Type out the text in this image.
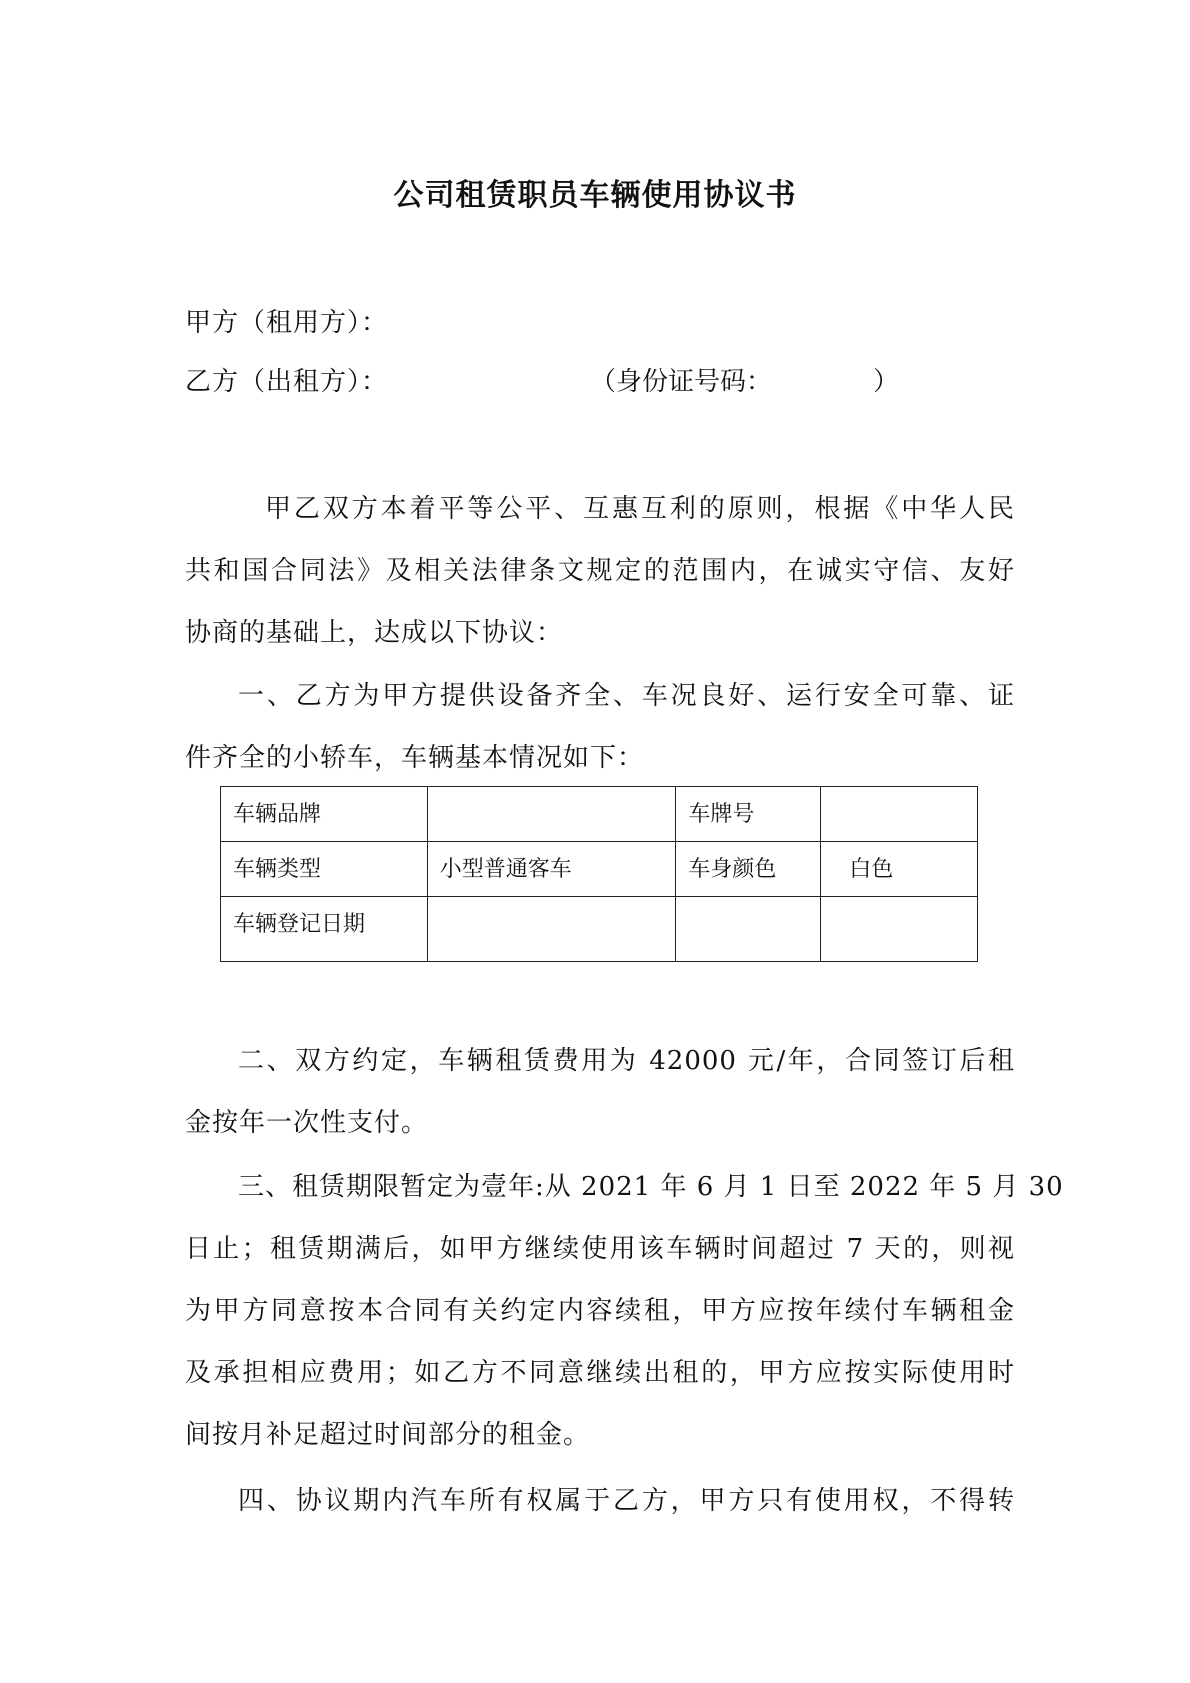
公司租赁职员车辆使用协议书
甲方（租用方）：
乙方（出租方）：	（身份证号码：	）
甲乙双方本着平等公平、互惠互利的原则，根据《中华人民
共和国合同法》及相关法律条文规定的范围内，在诚实守信、友好
协商的基础上，达成以下协议：
一、乙方为甲方提供设备齐全、车况良好、运行安全可靠、证
件齐全的小轿车，车辆基本情况如下：
车辆品牌		车牌号	
车辆类型	小型普通客车	车身颜色	白色
车辆登记日期			
二、双方约定，车辆租赁费用为 42000 元/年，合同签订后租
金按年一次性支付。
三、租赁期限暂定为壹年:从 2021 年 6 月 1 日至 2022 年 5 月 30
日止；租赁期满后，如甲方继续使用该车辆时间超过 7 天的，则视
为甲方同意按本合同有关约定内容续租，甲方应按年续付车辆租金
及承担相应费用；如乙方不同意继续出租的，甲方应按实际使用时
间按月补足超过时间部分的租金。
四、协议期内汽车所有权属于乙方，甲方只有使用权，不得转
